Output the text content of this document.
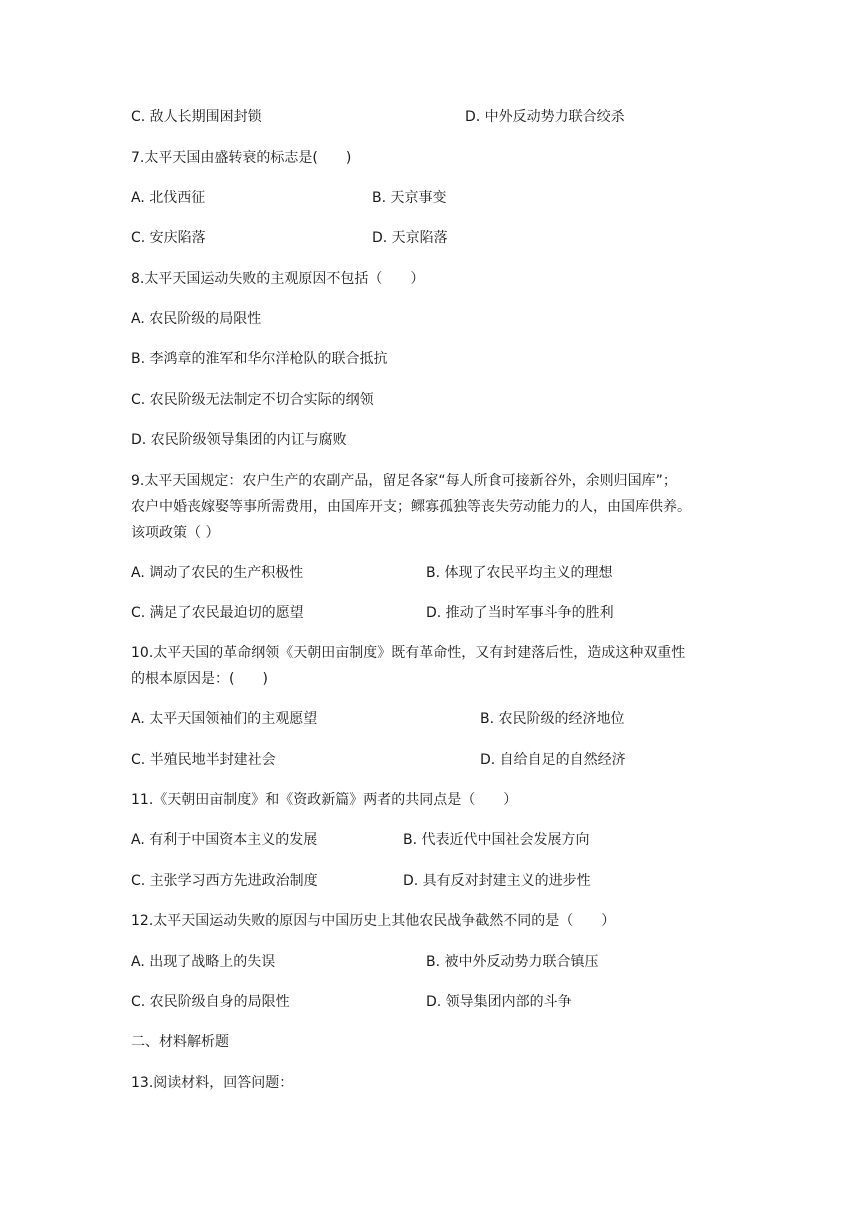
C. 敌人长期围困封锁	D. 中外反动势力联合绞杀
7.太平天国由盛转衰的标志是(　　)
A. 北伐西征	B. 天京事变
C. 安庆陷落	D. 天京陷落
8.太平天国运动失败的主观原因不包括（　　）
A. 农民阶级的局限性
B. 李鸿章的淮军和华尔洋枪队的联合抵抗
C. 农民阶级无法制定不切合实际的纲领
D. 农民阶级领导集团的内讧与腐败
9.太平天国规定：农户生产的农副产品，留足各家“每人所食可接新谷外，余则归国库”；
农户中婚丧嫁娶等事所需费用，由国库开支；鳏寡孤独等丧失劳动能力的人，由国库供养。
该项政策（ ）
A. 调动了农民的生产积极性	B. 体现了农民平均主义的理想
C. 满足了农民最迫切的愿望	D. 推动了当时军事斗争的胜利
10.太平天国的革命纲领《天朝田亩制度》既有革命性，又有封建落后性，造成这种双重性
的根本原因是：(　　)
A. 太平天国领袖们的主观愿望	B. 农民阶级的经济地位
C. 半殖民地半封建社会	D. 自给自足的自然经济
11.《天朝田亩制度》和《资政新篇》两者的共同点是（　　）
A. 有利于中国资本主义的发展	B. 代表近代中国社会发展方向
C. 主张学习西方先进政治制度	D. 具有反对封建主义的进步性
12.太平天国运动失败的原因与中国历史上其他农民战争截然不同的是（　　）
A. 出现了战略上的失误	B. 被中外反动势力联合镇压
C. 农民阶级自身的局限性	D. 领导集团内部的斗争
二、材料解析题
13.阅读材料，回答问题：
